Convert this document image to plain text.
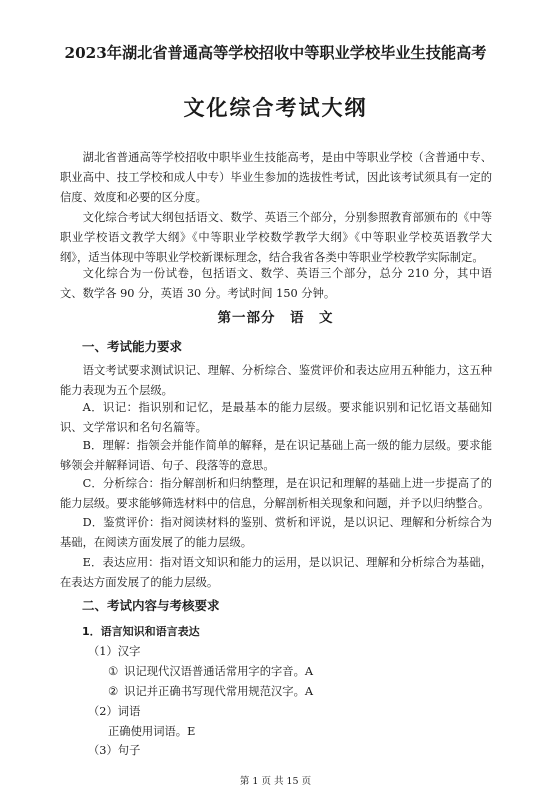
2023年湖北省普通高等学校招收中等职业学校毕业生技能高考
文化综合考试大纲

湖北省普通高等学校招收中职毕业生技能高考，是由中等职业学校（含普通中专、职业高中、技工学校和成人中专）毕业生参加的选拔性考试，因此该考试须具有一定的信度、效度和必要的区分度。

文化综合考试大纲包括语文、数学、英语三个部分，分别参照教育部颁布的《中等职业学校语文教学大纲》《中等职业学校数学教学大纲》《中等职业学校英语教学大纲》，适当体现中等职业学校新课标理念，结合我省各类中等职业学校教学实际制定。

文化综合为一份试卷，包括语文、数学、英语三个部分，总分 210 分，其中语文、数学各 90 分，英语 30 分。考试时间 150 分钟。

第一部分　语　文
一、考试能力要求

语文考试要求测试识记、理解、分析综合、鉴赏评价和表达应用五种能力，这五种能力表现为五个层级。

A．识记：指识别和记忆，是最基本的能力层级。要求能识别和记忆语文基础知识、文学常识和名句名篇等。

B．理解：指领会并能作简单的解释，是在识记基础上高一级的能力层级。要求能够领会并解释词语、句子、段落等的意思。

C．分析综合：指分解剖析和归纳整理，是在识记和理解的基础上进一步提高了的能力层级。要求能够筛选材料中的信息，分解剖析相关现象和问题，并予以归纳整合。

D．鉴赏评价：指对阅读材料的鉴别、赏析和评说，是以识记、理解和分析综合为基础，在阅读方面发展了的能力层级。

E．表达应用：指对语文知识和能力的运用，是以识记、理解和分析综合为基础，在表达方面发展了的能力层级。

二、考试内容与考核要求
1．语言知识和语言表达
（1）汉字
① 识记现代汉语普通话常用字的字音。A
② 识记并正确书写现代常用规范汉字。A
（2）词语
正确使用词语。E
（3）句子
第 1 页 共 15 页
